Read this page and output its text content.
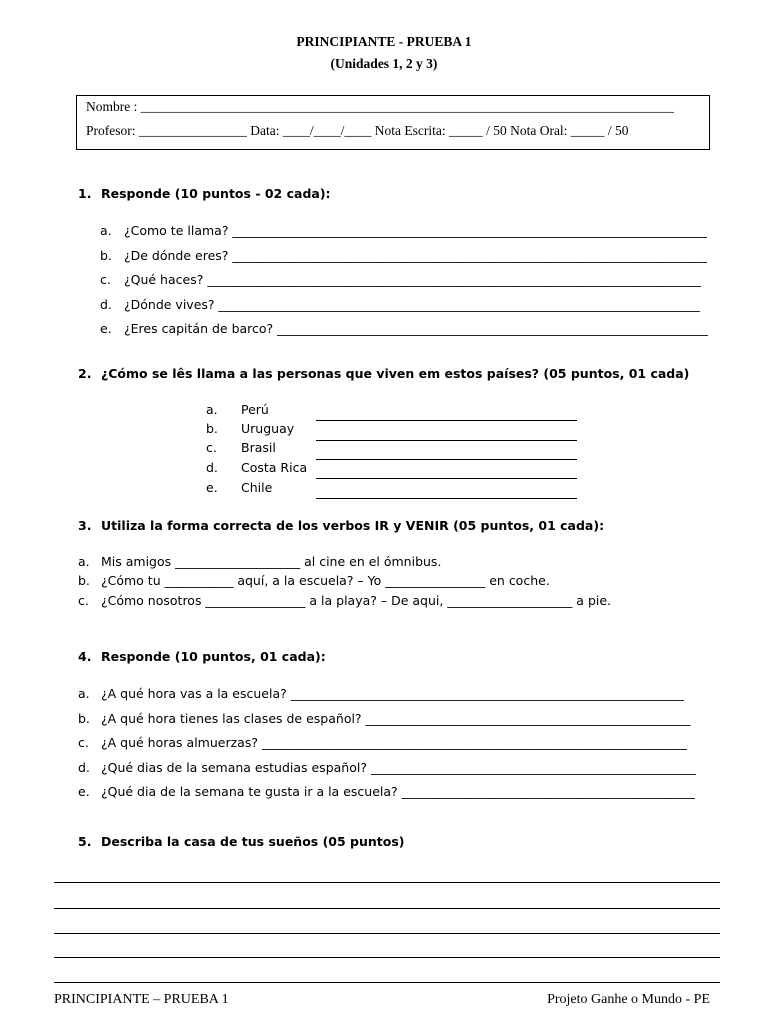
PRINCIPIANTE - PRUEBA 1
(Unidades 1, 2 y 3)
Nombre : _______________________________________________________________________________
Profesor: ________________ Data: ____/____/____ Nota Escrita: _____ / 50 Nota Oral: _____ / 50
1. Responde (10 puntos - 02 cada):
a. ¿Como te llama? ____________________________________________________________________________
b. ¿De dónde eres? ____________________________________________________________________________
c. ¿Qué haces? _______________________________________________________________________________
d. ¿Dónde vives? _____________________________________________________________________________
e. ¿Eres capitán de barco? _____________________________________________________________________
2. ¿Cómo se lês llama a las personas que viven em estos países? (05 puntos, 01 cada)
a. Perú
b. Uruguay
c. Brasil
d. Costa Rica
e. Chile
3. Utiliza la forma correcta de los verbos IR y VENIR (05 puntos, 01 cada):
a. Mis amigos ____________________ al cine en el ómnibus.
b. ¿Cómo tu ___________ aquí, a la escuela? – Yo ________________ en coche.
c. ¿Cómo nosotros ________________ a la playa? – De aqui, ____________________ a pie.
4. Responde (10 puntos, 01 cada):
a. ¿A qué hora vas a la escuela? _______________________________________________________________
b. ¿A qué hora tienes las clases de español? ____________________________________________________
c. ¿A qué horas almuerzas? ____________________________________________________________________
d. ¿Qué dias de la semana estudias español? ____________________________________________________
e. ¿Qué dia de la semana te gusta ir a la escuela? _______________________________________________
5. Describa la casa de tus sueños (05 puntos)
PRINCIPIANTE – PRUEBA 1	Projeto Ganhe o Mundo - PE
